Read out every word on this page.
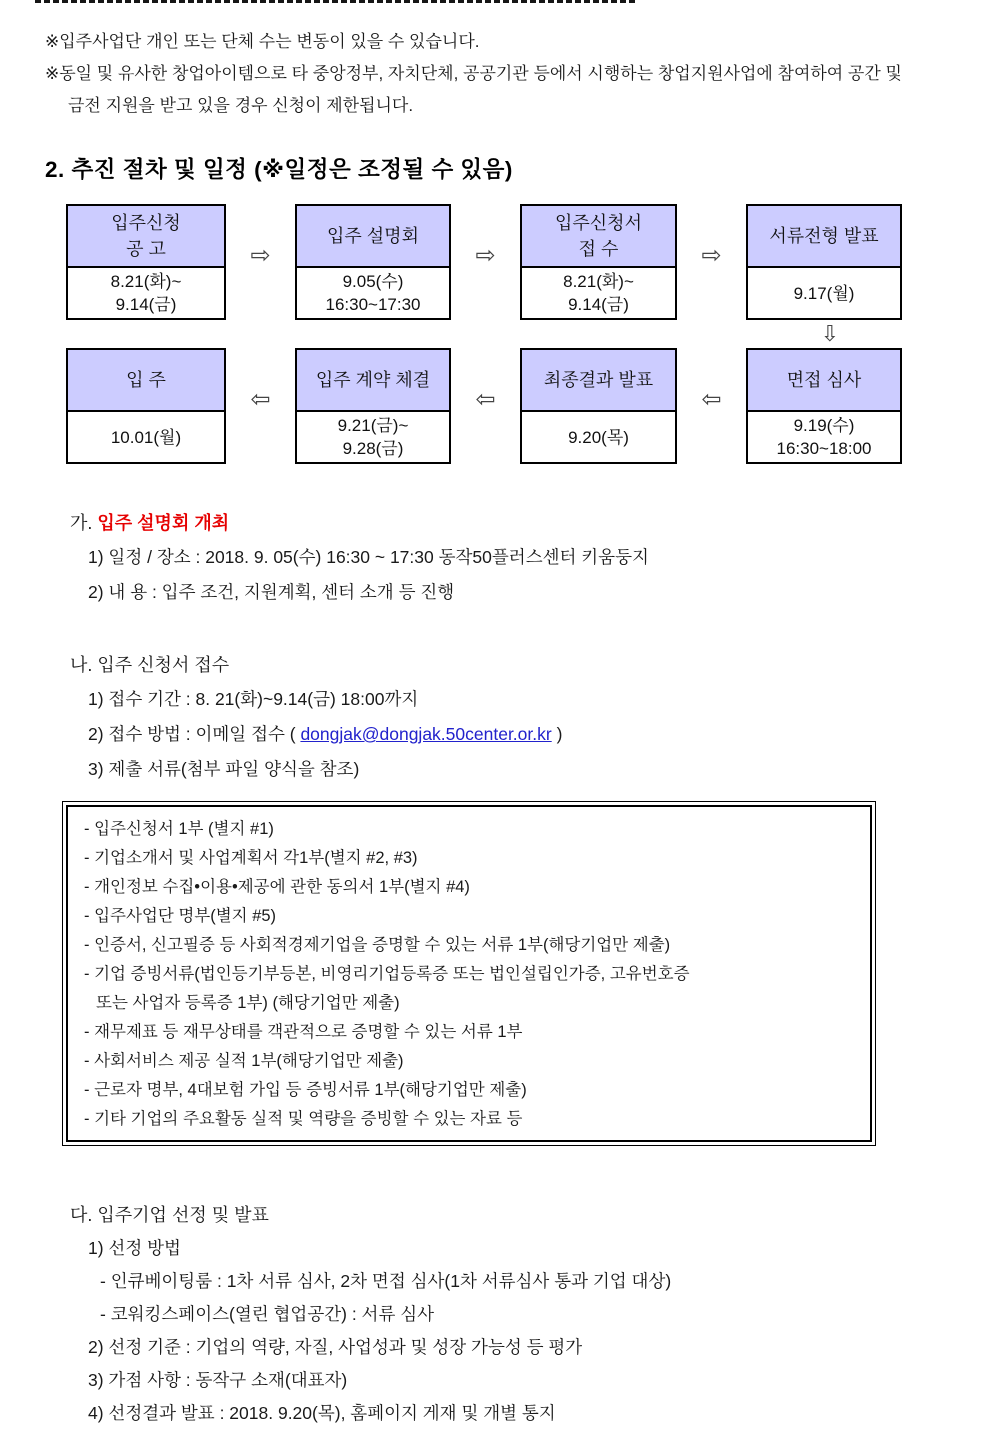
※입주사업단 개인 또는 단체 수는 변동이 있을 수 있습니다.
※동일 및 유사한 창업아이템으로 타 중앙정부, 자치단체, 공공기관 등에서 시행하는 창업지원사업에 참여하여 공간 및
금전 지원을 받고 있을 경우 신청이 제한됩니다.
2. 추진 절차 및 일정 (※일정은 조정될 수 있음)
입주신청
공 고
8.21(화)~
9.14(금)
⇨
입주 설명회
9.05(수)
16:30~17:30
⇨
입주신청서
접 수
8.21(화)~
9.14(금)
⇨
서류전형 발표
9.17(월)
⇩
입 주
10.01(월)
⇦
입주 계약 체결
9.21(금)~
9.28(금)
⇦
최종결과 발표
9.20(목)
⇦
면접 심사
9.19(수)
16:30~18:00
가. 입주 설명회 개최
1) 일정 / 장소 : 2018. 9. 05(수) 16:30 ~ 17:30 동작50플러스센터 키움둥지
2) 내 용 : 입주 조건, 지원계획, 센터 소개 등 진행
나. 입주 신청서 접수
1) 접수 기간 : 8. 21(화)~9.14(금) 18:00까지
2) 접수 방법 : 이메일 접수 ( dongjak@dongjak.50center.or.kr )
3) 제출 서류(첨부 파일 양식을 참조)
- 입주신청서 1부 (별지 #1)
- 기업소개서 및 사업계획서 각1부(별지 #2, #3)
- 개인정보 수집•이용•제공에 관한 동의서 1부(별지 #4)
- 입주사업단 명부(별지 #5)
- 인증서, 신고필증 등 사회적경제기업을 증명할 수 있는 서류 1부(해당기업만 제출)
- 기업 증빙서류(법인등기부등본, 비영리기업등록증 또는 법인설립인가증, 고유번호증
또는 사업자 등록증 1부) (해당기업만 제출)
- 재무제표 등 재무상태를 객관적으로 증명할 수 있는 서류 1부
- 사회서비스 제공 실적 1부(해당기업만 제출)
- 근로자 명부, 4대보험 가입 등 증빙서류 1부(해당기업만 제출)
- 기타 기업의 주요활동 실적 및 역량을 증빙할 수 있는 자료 등
다. 입주기업 선정 및 발표
1) 선정 방법
- 인큐베이팅룸 : 1차 서류 심사, 2차 면접 심사(1차 서류심사 통과 기업 대상)
- 코워킹스페이스(열린 협업공간) : 서류 심사
2) 선정 기준 : 기업의 역량, 자질, 사업성과 및 성장 가능성 등 평가
3) 가점 사항 : 동작구 소재(대표자)
4) 선정결과 발표 : 2018. 9.20(목), 홈페이지 게재 및 개별 통지
